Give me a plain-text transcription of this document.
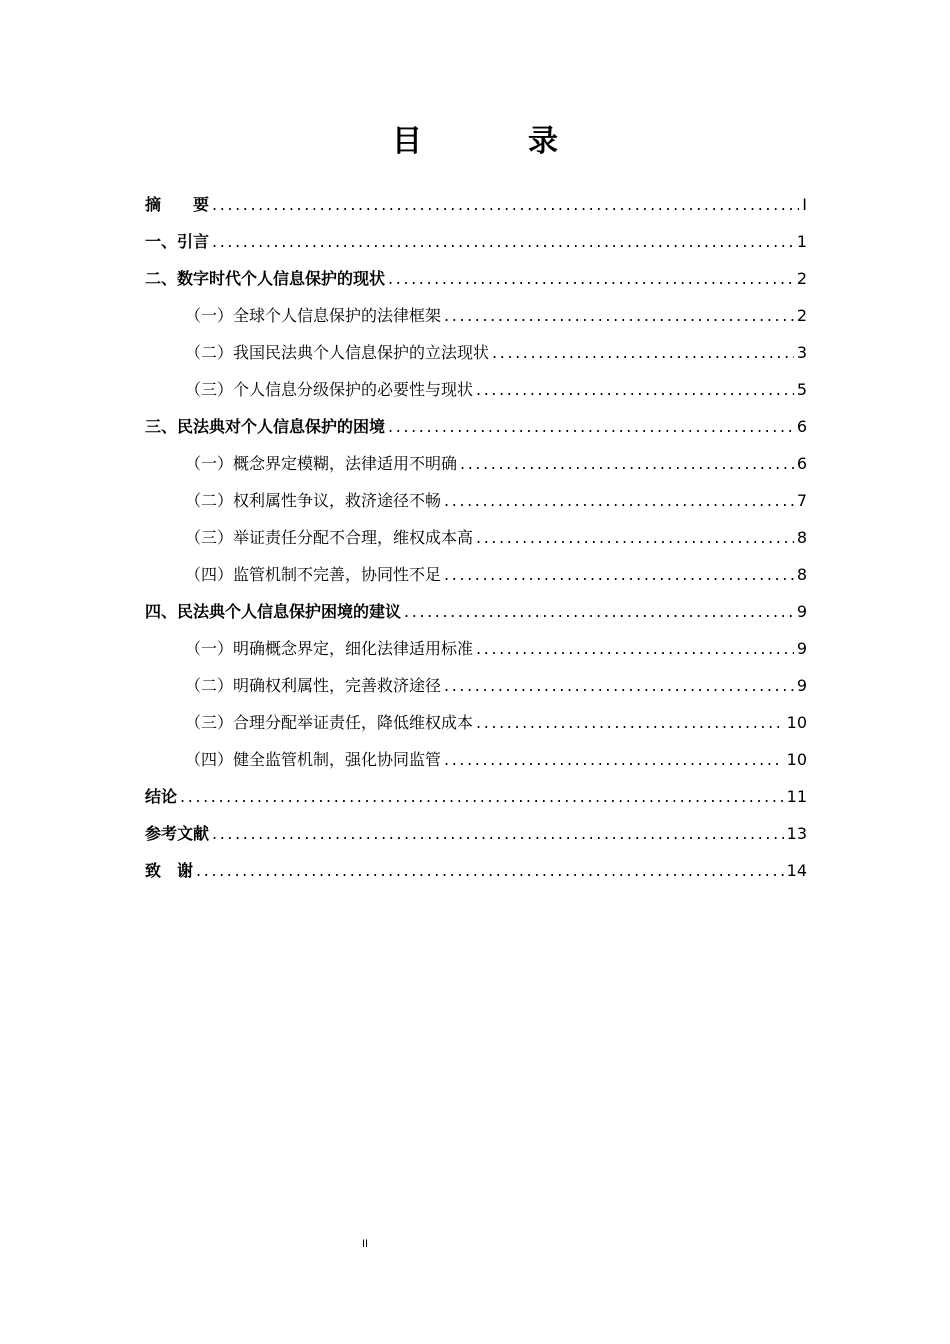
目　录
摘　　要 .....	I
一、引言 .....	1
二、数字时代个人信息保护的现状 .....	2
（一）全球个人信息保护的法律框架 .....	2
（二）我国民法典个人信息保护的立法现状 .....	3
（三）个人信息分级保护的必要性与现状 .....	5
三、民法典对个人信息保护的困境 .....	6
（一）概念界定模糊，法律适用不明确 .....	6
（二）权利属性争议，救济途径不畅 .....	7
（三）举证责任分配不合理，维权成本高 .....	8
（四）监管机制不完善，协同性不足 .....	8
四、民法典个人信息保护困境的建议 .....	9
（一）明确概念界定，细化法律适用标准 .....	9
（二）明确权利属性，完善救济途径 .....	9
（三）合理分配举证责任，降低维权成本 .....	10
（四）健全监管机制，强化协同监管 .....	10
结论 .....	11
参考文献 .....	13
致　谢 .....	14
II
